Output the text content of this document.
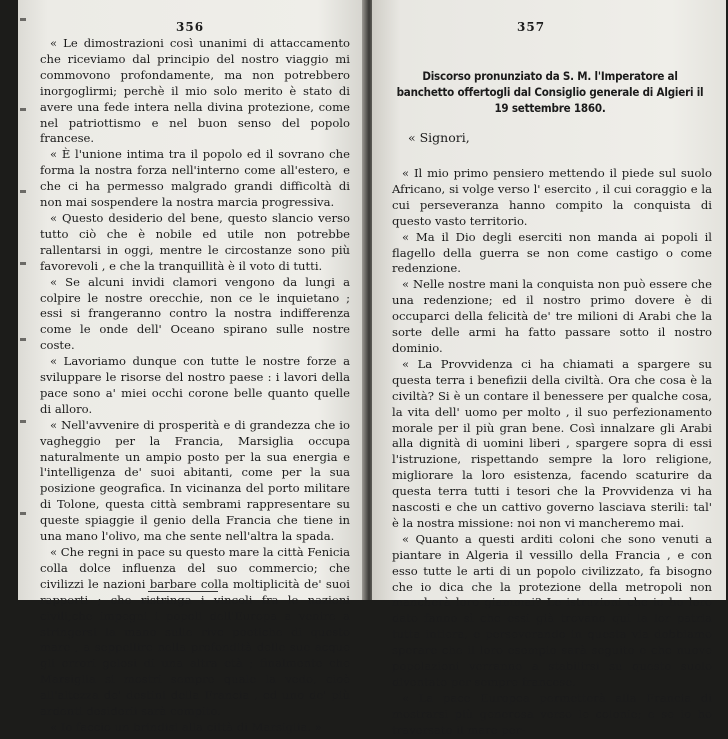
356

« Le dimostrazioni così unanimi di attaccamento che riceviamo dal principio del nostro viaggio mi commovono profondamente, ma non potrebbero inorgoglirmi; perchè il mio solo merito è stato di avere una fede intera nella divina protezione, come nel patriottismo e nel buon senso del popolo francese.

« È l'unione intima tra il popolo ed il sovrano che forma la nostra forza nell'interno come all'estero, e che ci ha permesso malgrado grandi difficoltà di non mai sospendere la nostra marcia progressiva.

« Questo desiderio del bene, questo slancio verso tutto ciò che è nobile ed utile non potrebbe rallentarsi in oggi, mentre le circostanze sono più favorevoli , e che la tranquillità è il voto di tutti.

« Se alcuni invidi clamori vengono da lungi a colpire le nostre orecchie, non ce le inquietano ; essi si frangeranno contro la nostra indifferenza come le onde dell' Oceano spirano sulle nostre coste.

« Lavoriamo dunque con tutte le nostre forze a sviluppare le risorse del nostro paese : i lavori della pace sono a' miei occhi corone belle quanto quelle di alloro.

« Nell'avvenire di prosperità e di grandezza che io vagheggio per la Francia, Marsiglia occupa naturalmente un ampio posto per la sua energia e l'intelligenza de' suoi abitanti, come per la sua posizione geografica. In vicinanza del porto militare di Tolone, questa città sembrami rappresentare su queste spiaggie il genio della Francia che tiene in una mano l'olivo, ma che sente nell'altra la spada.

« Che regni in pace su questo mare la città Fenicia colla dolce influenza del suo commercio; che civilizzi le nazioni barbare colla moltiplicità de' suoi rapporti ; che ristringa i vincoli fra le nazioni civili;che impegni i popoli dell'Europa a venire a stringersi la mano sulle rive poetiche di questo mare , a seppellire nella profondità delle sue acque gli errori gelosi di una altra età ; finalmente che Marsiglia si mostri sempre quale la vedo, cioè all'altezza de' destini della Francia , ed uno de' più ardenti desiderii sarà compito.

« Io faccio un brindisi alla città di Marsiglia. »

357
Discorso pronunziato da S. M. l'Imperatore al banchetto offertogli dal Consiglio generale di Algieri il 19 settembre 1860.
« Signori,

« Il mio primo pensiero mettendo il piede sul suolo Africano, si volge verso l' esercito , il cui coraggio e la cui perseveranza hanno compito la conquista di questo vasto territorio.

« Ma il Dio degli eserciti non manda ai popoli il flagello della guerra se non come castigo o come redenzione.

« Nelle nostre mani la conquista non può essere che una redenzione; ed il nostro primo dovere è di occuparci della felicità de' tre milioni di Arabi che la sorte delle armi ha fatto passare sotto il nostro dominio.

« La Provvidenza ci ha chiamati a spargere su questa terra i benefizii della civiltà. Ora che cosa è la civiltà? Si è un contare il benessere per qualche cosa, la vita dell' uomo per molto , il suo perfezionamento morale per il più gran bene. Così innalzare gli Arabi alla dignità di uomini liberi , spargere sopra di essi l'istruzione, rispettando sempre la loro religione, migliorare la loro esistenza, facendo scaturire da questa terra tutti i tesori che la Provvidenza vi ha nascosti e che un cattivo governo lasciava sterili: tal' è la nostra missione: noi non vi mancheremo mai.

« Quanto a questi arditi coloni che sono venuti a piantare in Algeria il vessillo della Francia , e con esso tutte le arti di un popolo civilizzato, fa bisogno che io dica che la protezione della metropoli non mancherà loro giammai? Le istruzioni che io ho loro dato fanno sì che essi già trovano qui la lor patria tutta intiera, e perseverando in questa via dobbiamo sperare che il loro esempio sarà seguito e che nuove popolazioni verranno a stabilirsi su questo suolo diventato per sempre francese.

« La pace Europea permetterà alla Francia di mostrarsi più generosa verso le colonie; e se io ho traversato il mare per-
